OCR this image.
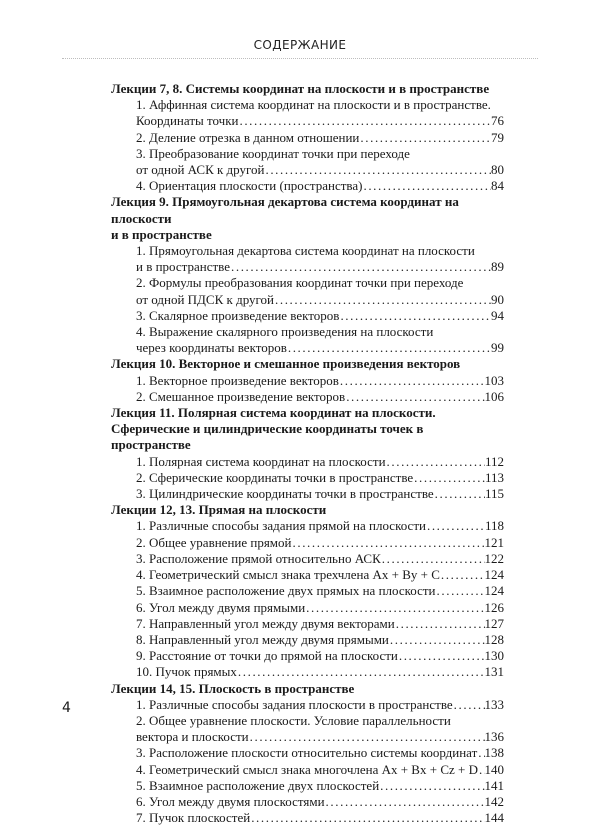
СОДЕРЖАНИЕ
Лекции 7, 8. Системы координат на плоскости и в пространстве
1. Аффинная система координат на плоскости и в пространстве.
Координаты точки .....	76
2. Деление отрезка в данном отношении .....	79
3. Преобразование координат точки при переходе
от одной АСК к другой .....	80
4. Ориентация плоскости (пространства) .....	84
Лекция 9. Прямоугольная декартова система координат на плоскости
и в пространстве
1. Прямоугольная декартова система координат на плоскости
и в пространстве .....	89
2. Формулы преобразования координат точки при переходе
от одной ПДСК к другой .....	90
3. Скалярное произведение векторов .....	94
4. Выражение скалярного произведения на плоскости
через координаты векторов .....	99
Лекция 10. Векторное и смешанное произведения векторов
1. Векторное произведение векторов .....	103
2. Смешанное произведение векторов .....	106
Лекция 11. Полярная система координат на плоскости.
Сферические и цилиндрические координаты точек в пространстве
1. Полярная система координат на плоскости .....	112
2. Сферические координаты точки в пространстве .....	113
3. Цилиндрические координаты точки в пространстве .....	115
Лекции 12, 13. Прямая на плоскости
1. Различные способы задания прямой на плоскости .....	118
2. Общее уравнение прямой .....	121
3. Расположение прямой относительно АСК .....	122
4. Геометрический смысл знака трехчлена Ax + By + C .....	124
5. Взаимное расположение двух прямых на плоскости .....	124
6. Угол между двумя прямыми .....	126
7. Направленный угол между двумя векторами .....	127
8. Направленный угол между двумя прямыми .....	128
9. Расстояние от точки до прямой на плоскости .....	130
10. Пучок прямых .....	131
Лекции 14, 15. Плоскость в пространстве
1. Различные способы задания плоскости в пространстве ..... 133
2. Общее уравнение плоскости. Условие параллельности
вектора и плоскости .....	136
3. Расположение плоскости относительно системы координат ..... 138
4. Геометрический смысл знака многочлена Ax + Bx + Cz + D ..... 140
5. Взаимное расположение двух плоскостей .....	141
6. Угол между двумя плоскостями .....	142
7. Пучок плоскостей .....	144
4
